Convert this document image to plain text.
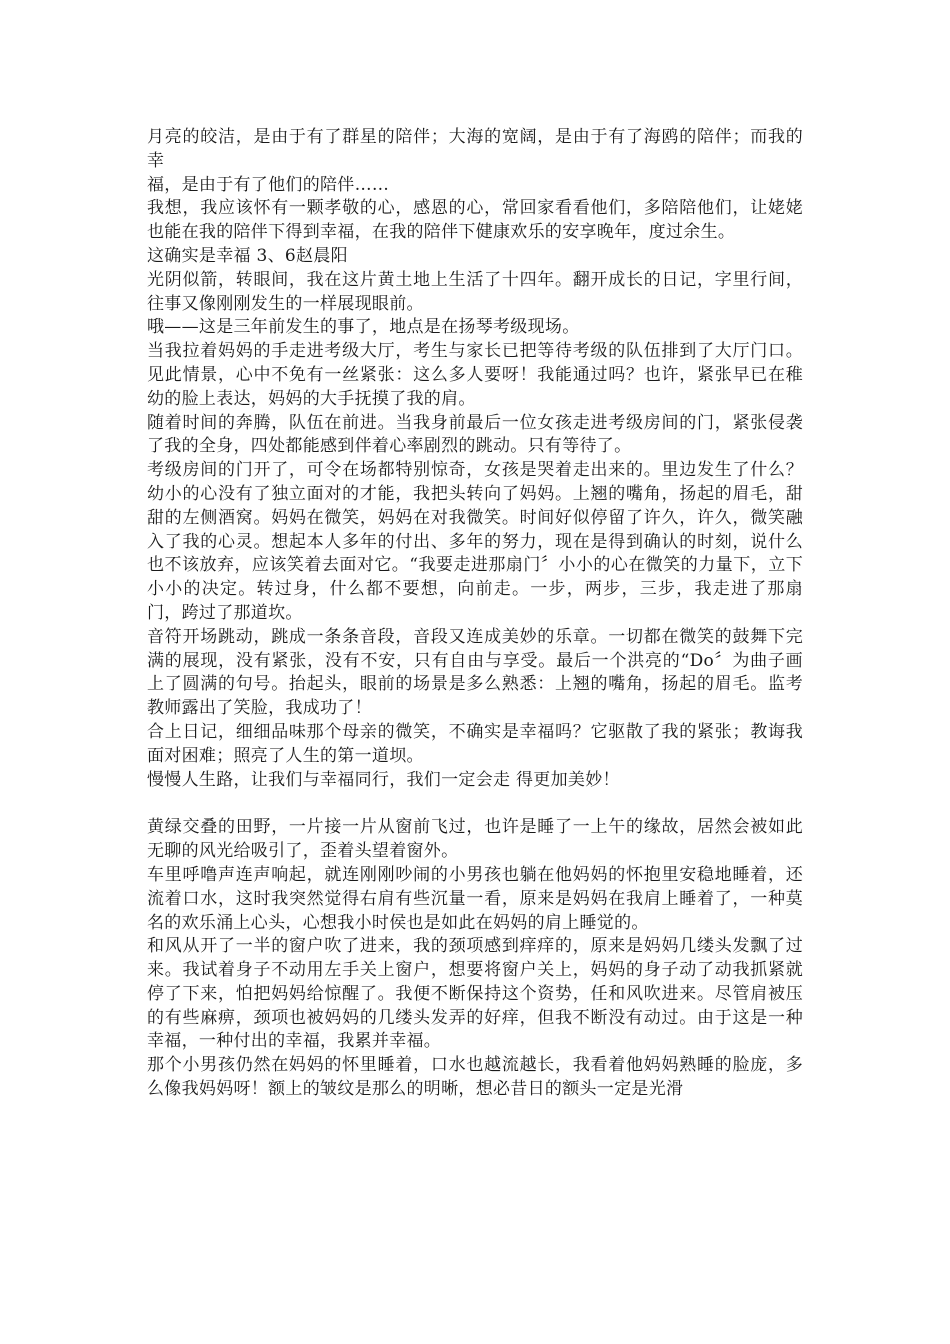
月亮的皎洁，是由于有了群星的陪伴；大海的宽阔，是由于有了海鸥的陪伴；而我的幸

福，是由于有了他们的陪伴……

我想，我应该怀有一颗孝敬的心，感恩的心，常回家看看他们，多陪陪他们，让姥姥也能在我的陪伴下得到幸福，在我的陪伴下健康欢乐的安享晚年，度过余生。

这确实是幸福 3、6赵晨阳

光阴似箭，转眼间，我在这片黄土地上生活了十四年。翻开成长的日记，字里行间，往事又像刚刚发生的一样展现眼前。

哦——这是三年前发生的事了，地点是在扬琴考级现场。

当我拉着妈妈的手走进考级大厅，考生与家长已把等待考级的队伍排到了大厅门口。见此情景，心中不免有一丝紧张：这么多人要呀！我能通过吗？也许，紧张早已在稚幼的脸上表达，妈妈的大手抚摸了我的肩。

随着时间的奔腾，队伍在前进。当我身前最后一位女孩走进考级房间的门，紧张侵袭了我的全身，四处都能感到伴着心率剧烈的跳动。只有等待了。

考级房间的门开了，可令在场都特别惊奇，女孩是哭着走出来的。里边发生了什么？幼小的心没有了独立面对的才能，我把头转向了妈妈。上翘的嘴角，扬起的眉毛，甜甜的左侧酒窝。妈妈在微笑，妈妈在对我微笑。时间好似停留了许久，许久，微笑融入了我的心灵。想起本人多年的付出、多年的努力，现在是得到确认的时刻，说什么也不该放弃，应该笑着去面对它。“我要走进那扇门〞小小的心在微笑的力量下，立下小小的决定。转过身，什么都不要想，向前走。一步，两步，三步，我走进了那扇门，跨过了那道坎。

音符开场跳动，跳成一条条音段，音段又连成美妙的乐章。一切都在微笑的鼓舞下完满的展现，没有紧张，没有不安，只有自由与享受。最后一个洪亮的“Do〞为曲子画上了圆满的句号。抬起头，眼前的场景是多么熟悉：上翘的嘴角，扬起的眉毛。监考教师露出了笑脸，我成功了！

合上日记，细细品味那个母亲的微笑，不确实是幸福吗？它驱散了我的紧张；教诲我面对困难；照亮了人生的第一道坝。

慢慢人生路，让我们与幸福同行，我们一定会走 得更加美妙！

黄绿交叠的田野，一片接一片从窗前飞过，也许是睡了一上午的缘故，居然会被如此无聊的风光给吸引了，歪着头望着窗外。

车里呼噜声连声响起，就连刚刚吵闹的小男孩也躺在他妈妈的怀抱里安稳地睡着，还流着口水，这时我突然觉得右肩有些沉量一看，原来是妈妈在我肩上睡着了，一种莫名的欢乐涌上心头，心想我小时侯也是如此在妈妈的肩上睡觉的。

和风从开了一半的窗户吹了进来，我的颈项感到痒痒的，原来是妈妈几缕头发飘了过来。我试着身子不动用左手关上窗户，想要将窗户关上，妈妈的身子动了动我抓紧就停了下来，怕把妈妈给惊醒了。我便不断保持这个资势，任和风吹进来。尽管肩被压的有些麻痹，颈项也被妈妈的几缕头发弄的好痒，但我不断没有动过。由于这是一种幸福，一种付出的幸福，我累并幸福。

那个小男孩仍然在妈妈的怀里睡着，口水也越流越长，我看着他妈妈熟睡的脸庞，多么像我妈妈呀！额上的皱纹是那么的明晰，想必昔日的额头一定是光滑
